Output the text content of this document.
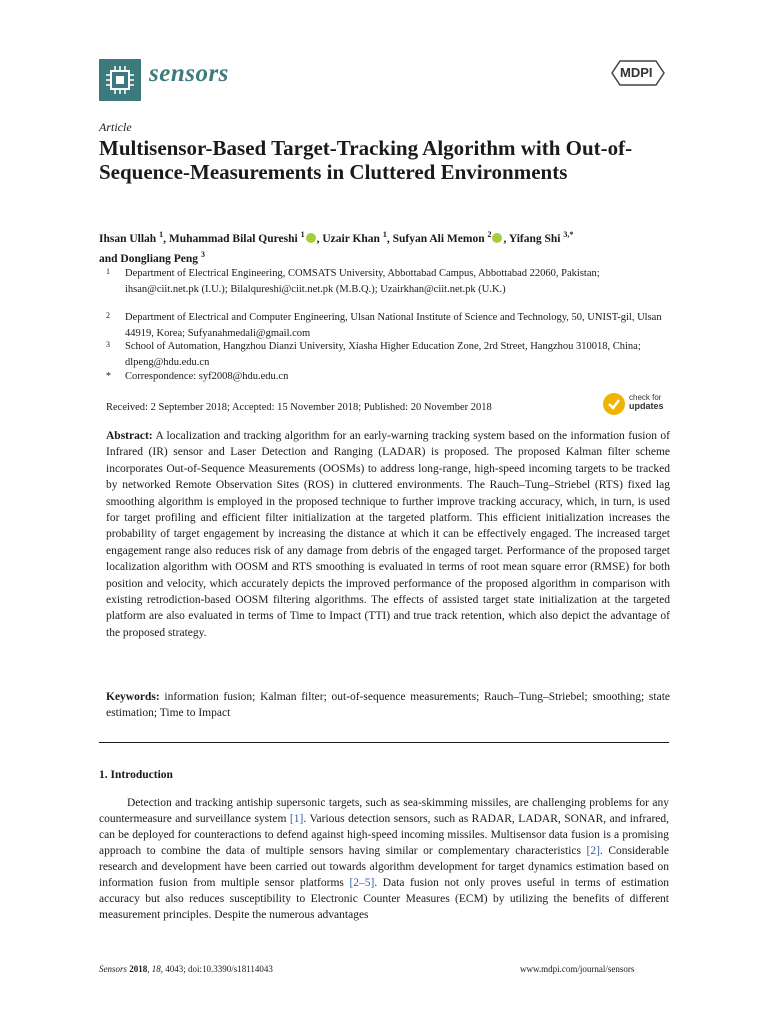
sensors	MDPI
Article
Multisensor-Based Target-Tracking Algorithm with Out-of-Sequence-Measurements in Cluttered Environments
Ihsan Ullah $^1$, Muhammad Bilal Qureshi $^1$ , Uzair Khan $^1$, Sufyan Ali Memon $^2$ , Yifang Shi $^{3,*}$
and Dongliang Peng $^3$
1 Department of Electrical Engineering, COMSATS University, Abbottabad Campus, Abbottabad 22060, Pakistan; ihsan@ciit.net.pk (I.U.); Bilalqureshi@ciit.net.pk (M.B.Q.); Uzairkhan@ciit.net.pk (U.K.)
2 Department of Electrical and Computer Engineering, Ulsan National Institute of Science and Technology, 50, UNIST-gil, Ulsan 44919, Korea; Sufyanahmedali@gmail.com
3 School of Automation, Hangzhou Dianzi University, Xiasha Higher Education Zone, 2rd Street, Hangzhou 310018, China; dlpeng@hdu.edu.cn
* Correspondence: syf2008@hdu.edu.cn
Received: 2 September 2018; Accepted: 15 November 2018; Published: 20 November 2018
check for
updates
Abstract: A localization and tracking algorithm for an early-warning tracking system based on the information fusion of Infrared (IR) sensor and Laser Detection and Ranging (LADAR) is proposed. The proposed Kalman filter scheme incorporates Out-of-Sequence Measurements (OOSMs) to address long-range, high-speed incoming targets to be tracked by networked Remote Observation Sites (ROS) in cluttered environments. The Rauch–Tung–Striebel (RTS) fixed lag smoothing algorithm is employed in the proposed technique to further improve tracking accuracy, which, in turn, is used for target profiling and efficient filter initialization at the targeted platform. This efficient initialization increases the probability of target engagement by increasing the distance at which it can be effectively engaged. The increased target engagement range also reduces risk of any damage from debris of the engaged target. Performance of the proposed target localization algorithm with OOSM and RTS smoothing is evaluated in terms of root mean square error (RMSE) for both position and velocity, which accurately depicts the improved performance of the proposed algorithm in comparison with existing retrodiction-based OOSM filtering algorithms. The effects of assisted target state initialization at the targeted platform are also evaluated in terms of Time to Impact (TTI) and true track retention, which also depict the advantage of the proposed strategy.
Keywords: information fusion; Kalman filter; out-of-sequence measurements; Rauch–Tung–Striebel; smoothing; state estimation; Time to Impact
1. Introduction
Detection and tracking antiship supersonic targets, such as sea-skimming missiles, are challenging problems for any countermeasure and surveillance system [1]. Various detection sensors, such as RADAR, LADAR, SONAR, and infrared, can be deployed for counteractions to defend against high-speed incoming missiles. Multisensor data fusion is a promising approach to combine the data of multiple sensors having similar or complementary characteristics [2]. Considerable research and development have been carried out towards algorithm development for target dynamics estimation based on information fusion from multiple sensor platforms [2–5]. Data fusion not only proves useful in terms of estimation accuracy but also reduces susceptibility to Electronic Counter Measures (ECM) by utilizing the benefits of different measurement principles. Despite the numerous advantages
Sensors 2018, 18, 4043; doi:10.3390/s18114043	www.mdpi.com/journal/sensors
